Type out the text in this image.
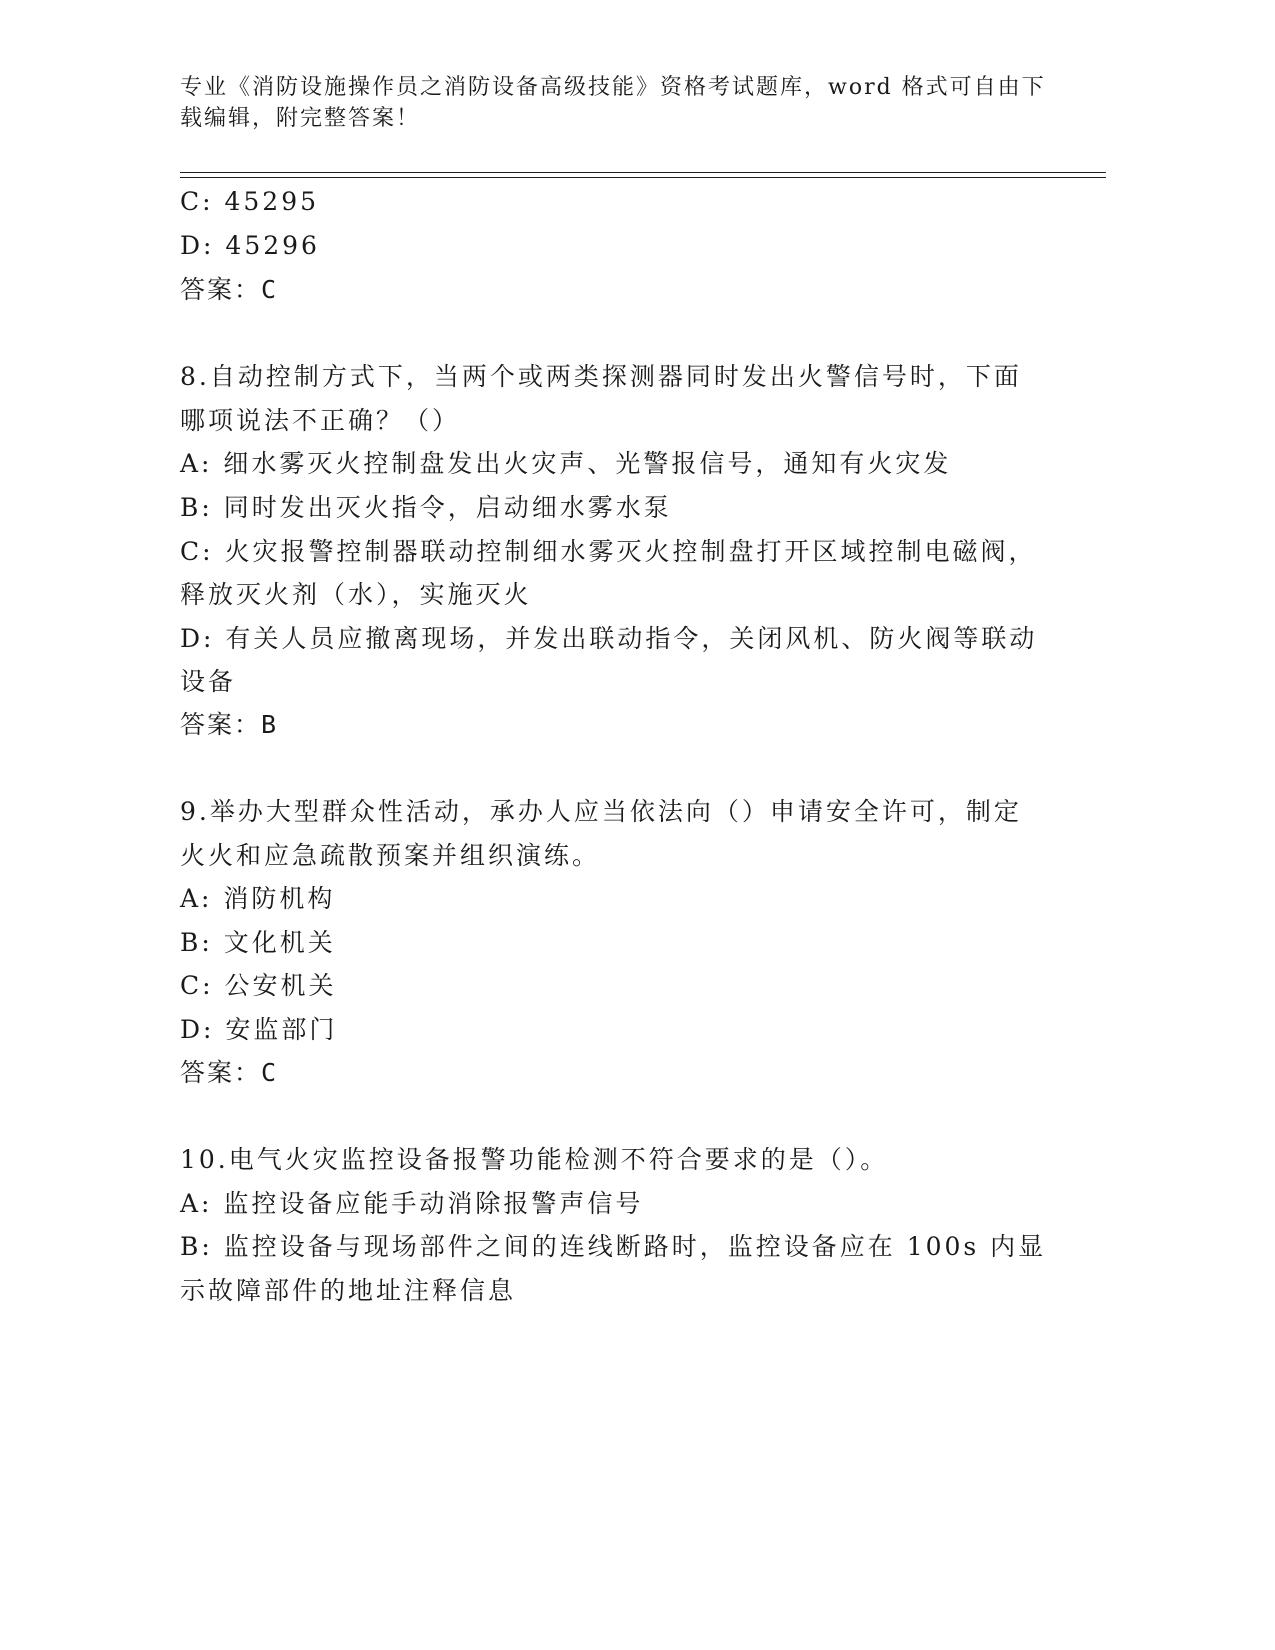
专业《消防设施操作员之消防设备高级技能》资格考试题库，word 格式可自由下
载编辑，附完整答案！
C: 45295
D: 45296
答案：C
8.自动控制方式下，当两个或两类探测器同时发出火警信号时，下面
哪项说法不正确？（）
A: 细水雾灭火控制盘发出火灾声、光警报信号，通知有火灾发
B: 同时发出灭火指令，启动细水雾水泵
C: 火灾报警控制器联动控制细水雾灭火控制盘打开区域控制电磁阀，
释放灭火剂（水），实施灭火
D: 有关人员应撤离现场，并发出联动指令，关闭风机、防火阀等联动
设备
答案：B
9.举办大型群众性活动，承办人应当依法向（）申请安全许可，制定
火火和应急疏散预案并组织演练。
A: 消防机构
B: 文化机关
C: 公安机关
D: 安监部门
答案：C
10.电气火灾监控设备报警功能检测不符合要求的是（）。
A: 监控设备应能手动消除报警声信号
B: 监控设备与现场部件之间的连线断路时，监控设备应在 100s 内显
示故障部件的地址注释信息
